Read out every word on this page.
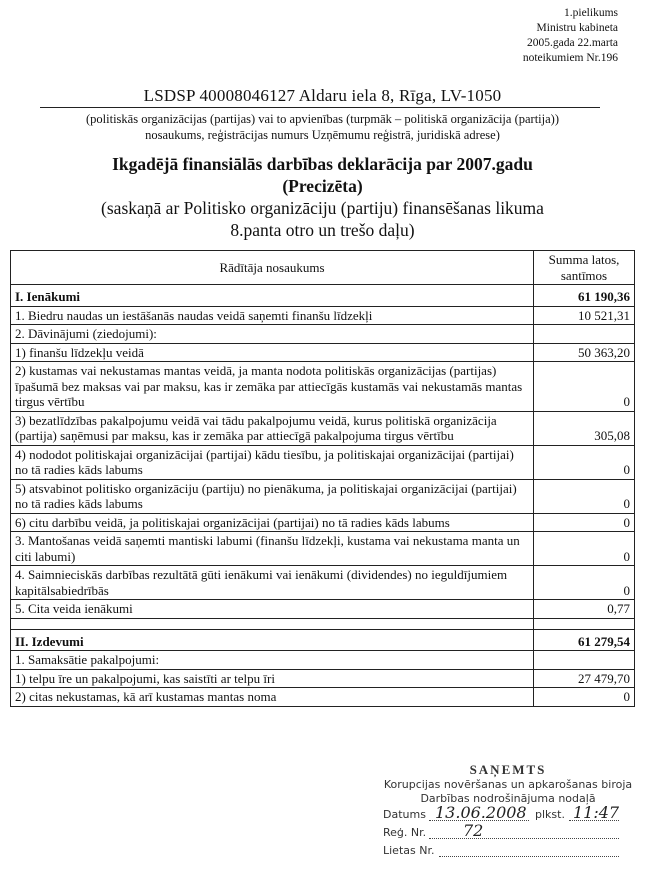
1.pielikums
Ministru kabineta
2005.gada 22.marta
noteikumiem Nr.196
LSDSP 40008046127 Aldaru iela 8, Rīga, LV-1050
(politiskās organizācijas (partijas) vai to apvienības (turpmāk – politiskā organizācija (partija))
nosaukums, reģistrācijas numurs Uzņēmumu reģistrā, juridiskā adrese)
Ikgadējā finansiālās darbības deklarācija par 2007.gadu
(Precizēta)
(saskaņā ar Politisko organizāciju (partiju) finansēšanas likuma
8.panta otro un trešo daļu)
Rādītāja nosaukums	Summa latos,
santīmos

I. Ienākumi	61 190,36
1. Biedru naudas un iestāšanās naudas veidā saņemti finanšu līdzekļi	10 521,31
2. Dāvinājumi (ziedojumi):	
1) finanšu līdzekļu veidā	50 363,20
2) kustamas vai nekustamas mantas veidā, ja manta nodota politiskās organizācijas (partijas) īpašumā bez maksas vai par maksu, kas ir zemāka par attiecīgās kustamās vai nekustamās mantas tirgus vērtību	0
3) bezatlīdzības pakalpojumu veidā vai tādu pakalpojumu veidā, kurus politiskā organizācija (partija) saņēmusi par maksu, kas ir zemāka par attiecīgā pakalpojuma tirgus vērtību	305,08
4) nododot politiskajai organizācijai (partijai) kādu tiesību, ja politiskajai organizācijai (partijai) no tā radies kāds labums	0
5) atsvabinot politisko organizāciju (partiju) no pienākuma, ja politiskajai organizācijai (partijai) no tā radies kāds labums	0
6) citu darbību veidā, ja politiskajai organizācijai (partijai) no tā radies kāds labums	0
3. Mantošanas veidā saņemti mantiski labumi (finanšu līdzekļi, kustama vai nekustama manta un citi labumi)	0
4. Saimnieciskās darbības rezultātā gūti ienākumi vai ienākumi (dividendes) no ieguldījumiem kapitālsabiedrībās	0
5. Cita veida ienākumi	0,77

II. Izdevumi	61 279,54
1. Samaksātie pakalpojumi:	
1) telpu īre un pakalpojumi, kas saistīti ar telpu īri	27 479,70
2) citas nekustamas, kā arī kustamas mantas noma	0
SAŅEMTS
Korupcijas novēršanas un apkarošanas biroja
Darbības nodrošinājuma nodaļā
Datums 13.06.2008 plkst. 11:47
Reģ. Nr. 72
Lietas Nr.
